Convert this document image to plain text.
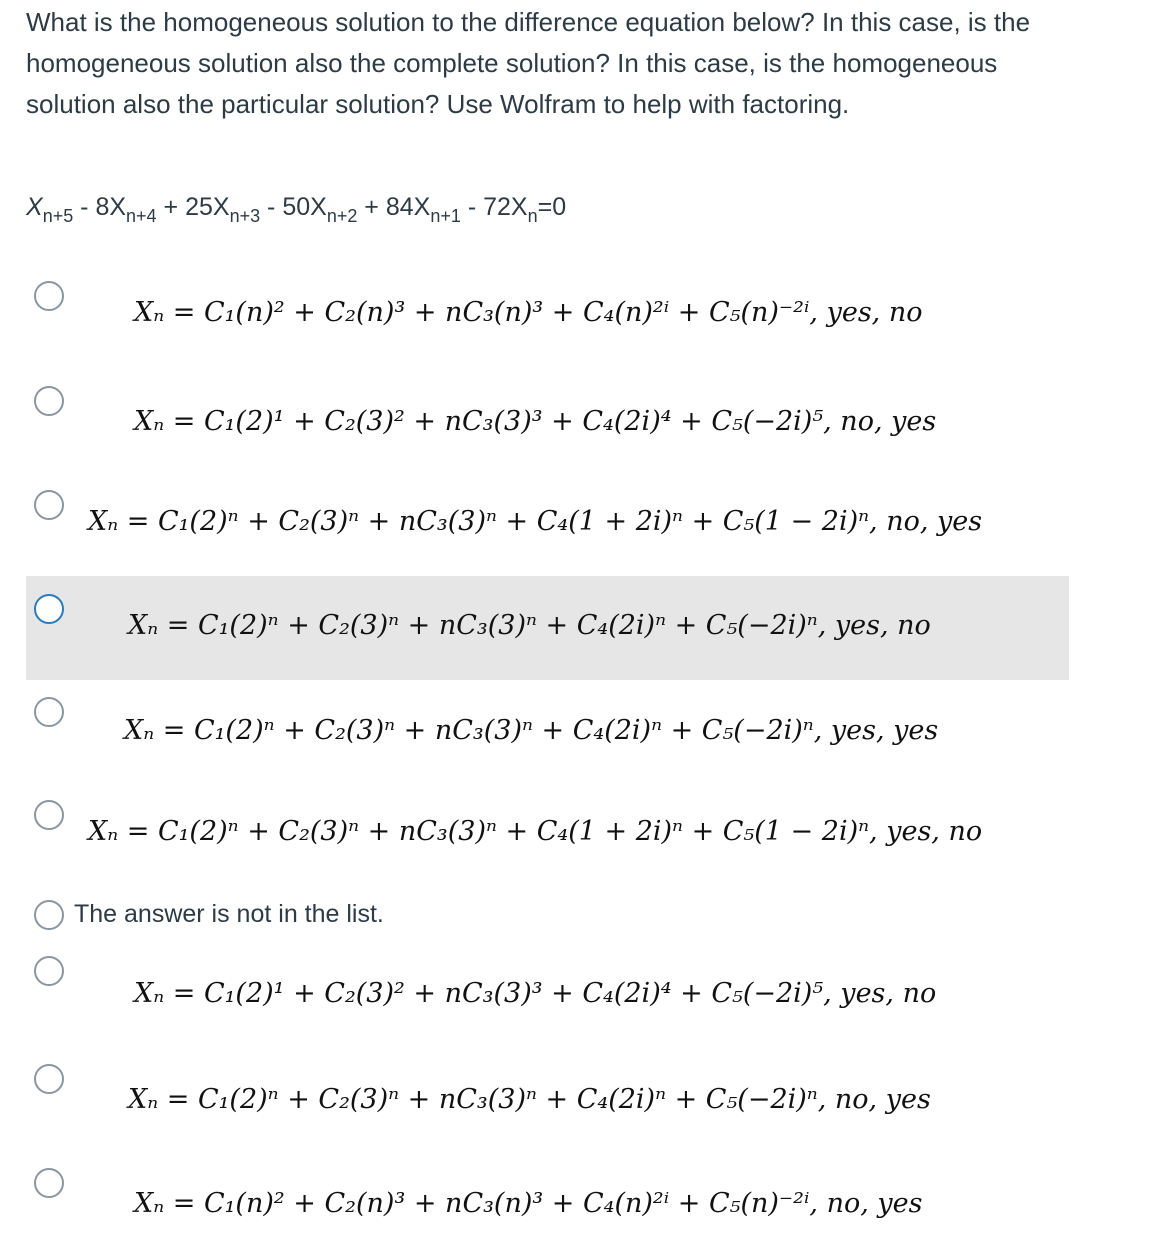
What is the homogeneous solution to the difference equation below? In this case, is the homogeneous solution also the complete solution? In this case, is the homogeneous solution also the particular solution? Use Wolfram to help with factoring.
$X_{n+5} - 8X_{n+4} + 25X_{n+3} - 50X_{n+2} + 84X_{n+1} - 72X_n=0$
Xₙ = C₁(n)² + C₂(n)³ + nC₃(n)³ + C₄(n)²ⁱ + C₅(n)⁻²ⁱ, yes, no
Xₙ = C₁(2)¹ + C₂(3)² + nC₃(3)³ + C₄(2i)⁴ + C₅(−2i)⁵, no, yes
Xₙ = C₁(2)ⁿ + C₂(3)ⁿ + nC₃(3)ⁿ + C₄(1 + 2i)ⁿ + C₅(1 − 2i)ⁿ, no, yes
Xₙ = C₁(2)ⁿ + C₂(3)ⁿ + nC₃(3)ⁿ + C₄(2i)ⁿ + C₅(−2i)ⁿ, yes, no
Xₙ = C₁(2)ⁿ + C₂(3)ⁿ + nC₃(3)ⁿ + C₄(2i)ⁿ + C₅(−2i)ⁿ, yes, yes
Xₙ = C₁(2)ⁿ + C₂(3)ⁿ + nC₃(3)ⁿ + C₄(1 + 2i)ⁿ + C₅(1 − 2i)ⁿ, yes, no
The answer is not in the list.
Xₙ = C₁(2)¹ + C₂(3)² + nC₃(3)³ + C₄(2i)⁴ + C₅(−2i)⁵, yes, no
Xₙ = C₁(2)ⁿ + C₂(3)ⁿ + nC₃(3)ⁿ + C₄(2i)ⁿ + C₅(−2i)ⁿ, no, yes
Xₙ = C₁(n)² + C₂(n)³ + nC₃(n)³ + C₄(n)²ⁱ + C₅(n)⁻²ⁱ, no, yes
